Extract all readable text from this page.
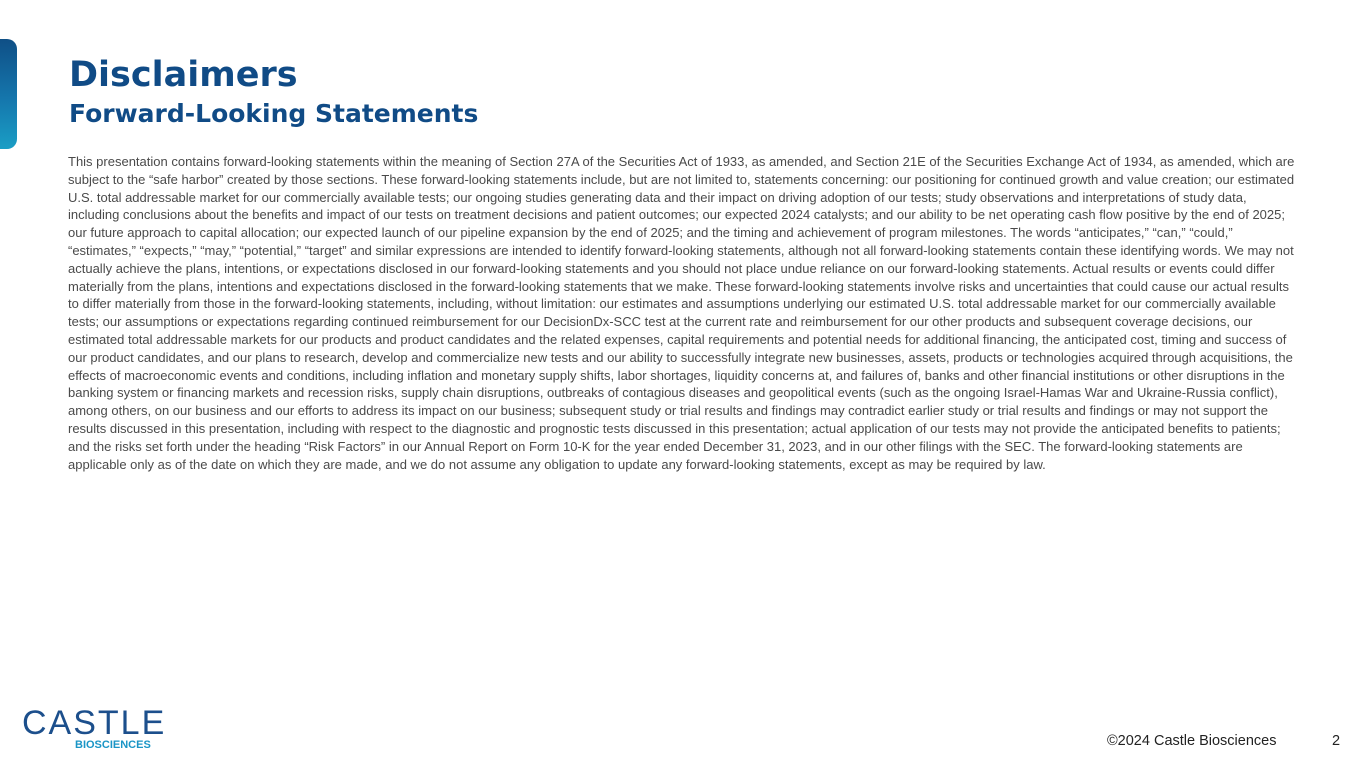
Disclaimers
Forward-Looking Statements

This presentation contains forward-looking statements within the meaning of Section 27A of the Securities Act of 1933, as amended, and Section 21E of the Securities Exchange Act of 1934, as amended, which are subject to the “safe harbor” created by those sections. These forward-looking statements include, but are not limited to, statements concerning: our positioning for continued growth and value creation; our estimated U.S. total addressable market for our commercially available tests; our ongoing studies generating data and their impact on driving adoption of our tests; study observations and interpretations of study data, including conclusions about the benefits and impact of our tests on treatment decisions and patient outcomes; our expected 2024 catalysts; and our ability to be net operating cash flow positive by the end of 2025; our future approach to capital allocation; our expected launch of our pipeline expansion by the end of 2025; and the timing and achievement of program milestones. The words “anticipates,” “can,” “could,” “estimates,” “expects,” “may,” “potential,” “target” and similar expressions are intended to identify forward-looking statements, although not all forward-looking statements contain these identifying words. We may not actually achieve the plans, intentions, or expectations disclosed in our forward-looking statements and you should not place undue reliance on our forward-looking statements. Actual results or events could differ materially from the plans, intentions and expectations disclosed in the forward-looking statements that we make. These forward-looking statements involve risks and uncertainties that could cause our actual results to differ materially from those in the forward-looking statements, including, without limitation: our estimates and assumptions underlying our estimated U.S. total addressable market for our commercially available tests; our assumptions or expectations regarding continued reimbursement for our DecisionDx-SCC test at the current rate and reimbursement for our other products and subsequent coverage decisions, our estimated total addressable markets for our products and product candidates and the related expenses, capital requirements and potential needs for additional financing, the anticipated cost, timing and success of our product candidates, and our plans to research, develop and commercialize new tests and our ability to successfully integrate new businesses, assets, products or technologies acquired through acquisitions, the effects of macroeconomic events and conditions, including inflation and monetary supply shifts, labor shortages, liquidity concerns at, and failures of, banks and other financial institutions or other disruptions in the banking system or financing markets and recession risks, supply chain disruptions, outbreaks of contagious diseases and geopolitical events (such as the ongoing Israel-Hamas War and Ukraine-Russia conflict), among others, on our business and our efforts to address its impact on our business; subsequent study or trial results and findings may contradict earlier study or trial results and findings or may not support the results discussed in this presentation, including with respect to the diagnostic and prognostic tests discussed in this presentation; actual application of our tests may not provide the anticipated benefits to patients; and the risks set forth under the heading “Risk Factors” in our Annual Report on Form 10-K for the year ended December 31, 2023, and in our other filings with the SEC. The forward-looking statements are applicable only as of the date on which they are made, and we do not assume any obligation to update any forward-looking statements, except as may be required by law.

CASTLE
BIOSCIENCES	©2024 Castle Biosciences	2
